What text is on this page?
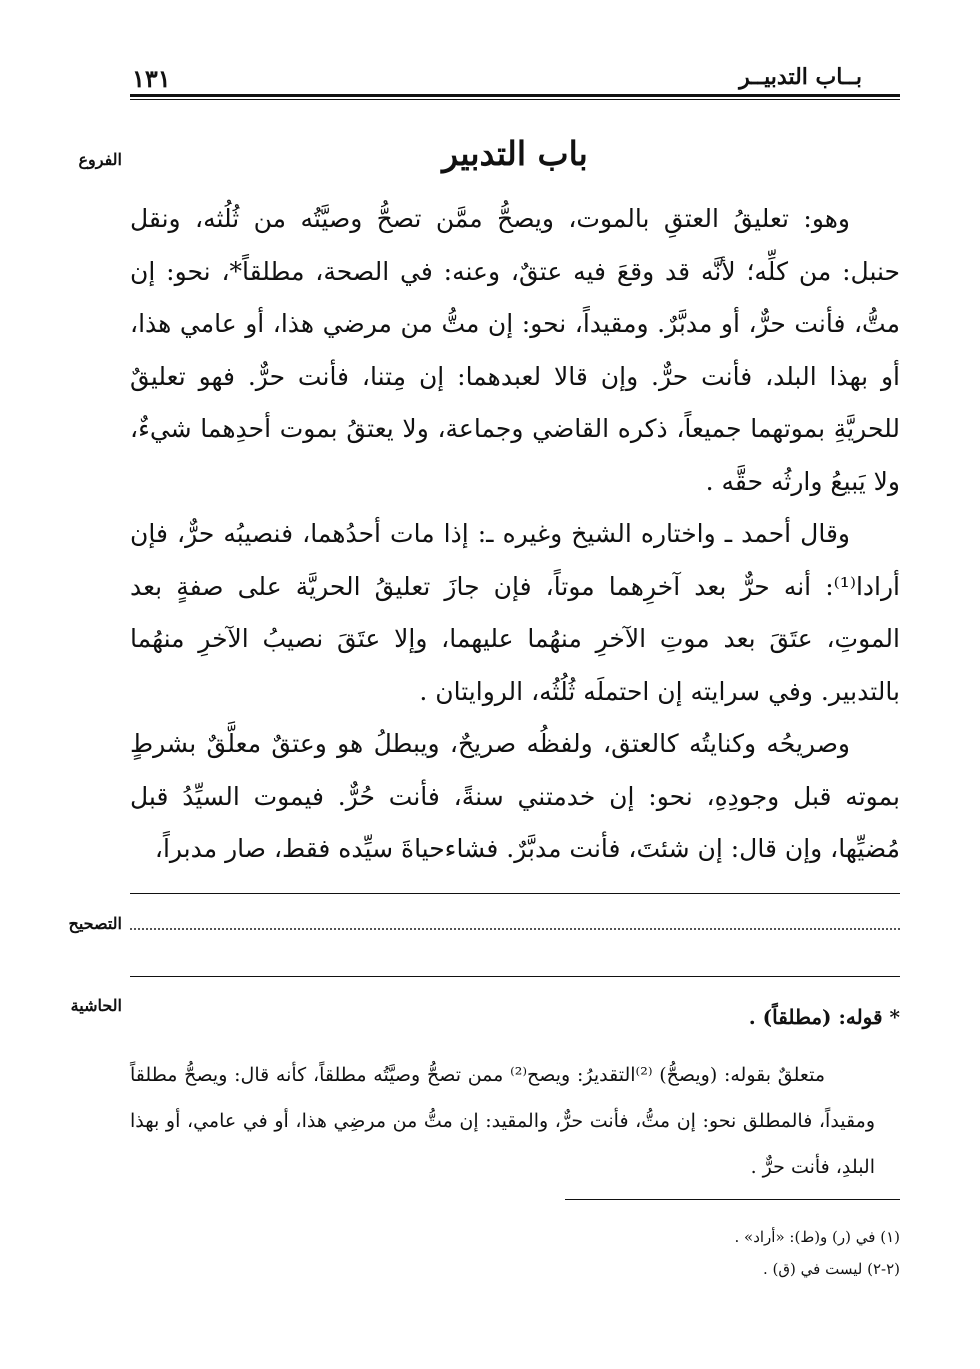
بــاب التدبيــر
١٣١
الفروع	باب التدبير

وهو: تعليقُ العتقِ بالموت، ويصحُّ ممَّن تصحُّ وصيَّتُه من ثُلُثه، ونقل حنبل: من كلِّه؛ لأنَّه قد وقعَ فيه عتقٌ، وعنه: في الصحة، مطلقاً*، نحو: إن متُّ، فأنت حرٌّ، أو مدبَّرٌ. ومقيداً، نحو: إن متُّ من مرضي هذا، أو عامي هذا، أو بهذا البلد، فأنت حرٌّ. وإن قالا لعبدهما: إن مِتنا، فأنت حرٌّ. فهو تعليقٌ للحريَّةِ بموتهما جميعاً، ذكره القاضي وجماعة، ولا يعتقُ بموت أحدِهما شيءٌ، ولا يَبيعُ وارثُه حقَّه .

وقال أحمد ـ واختاره الشيخ وغيره ـ: إذا مات أحدُهما، فنصيبُه حرٌّ، فإن أرادا⁽¹⁾: أنه حرٌّ بعد آخرِهما موتاً، فإن جازَ تعليقُ الحريَّة على صفةٍ بعد الموتِ، عتَقَ بعد موتِ الآخرِ منهُما عليهما، وإلا عتَقَ نصيبُ الآخرِ منهُما بالتدبير. وفي سرايته إن احتملَه ثُلُثُه، الروايتان .

وصريحُه وكنايتُه كالعتق، ولفظُه صريحٌ، ويبطلُ هو وعتقٌ معلَّقٌ بشرطٍ بموته قبل وجودِهِ، نحو: إن خدمتني سنةً، فأنت حُرٌّ. فيموت السيِّدُ قبل مُضيِّها، وإن قال: إن شئتَ، فأنت مدبَّرٌ. فشاءحياةَ سيِّده فقط، صار مدبراً،

التصحيح
الحاشية	* قوله: (مطلقاً) .

متعلقٌ بقوله: (ويصحُّ) ⁽²⁾التقديرُ: ويصح⁽²⁾ ممن تصحُّ وصيَّتُه مطلقاً، كأنه قال: ويصحُّ مطلقاً ومقيداً، فالمطلق نحو: إن متُّ، فأنت حرٌّ، والمقيد: إن متُّ من مرضِي هذا، أو في عامي، أو بهذا البلدِ، فأنت حرٌّ .

(١) في (ر) و(ط): «أراد» .
(٢-٢) ليست في (ق) .
